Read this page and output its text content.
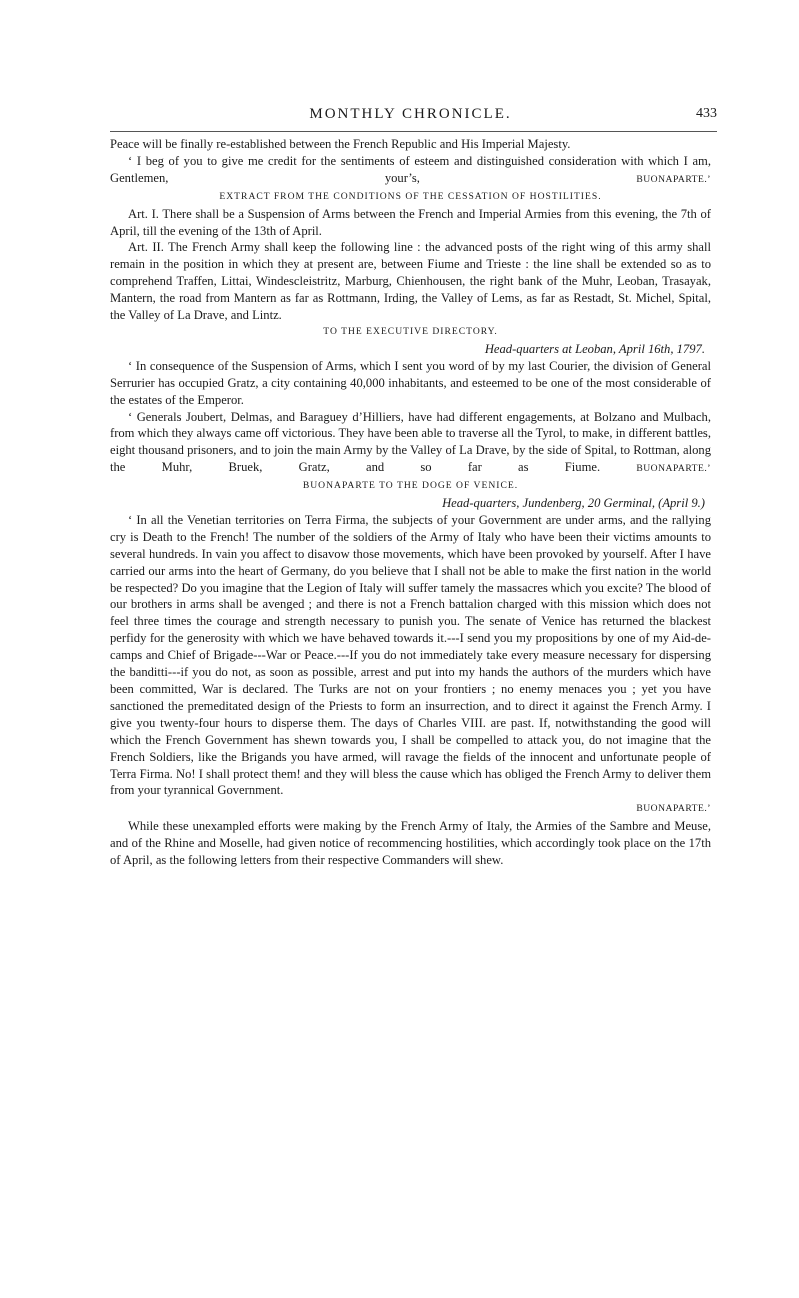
MONTHLY CHRONICLE.	433

Peace will be finally re-established between the French Republic and His Imperial Majesty.

‘ I beg of you to give me credit for the sentiments of esteem and distinguished consideration with which I am, Gentlemen, your’s,	BUONAPARTE.’

EXTRACT FROM THE CONDITIONS OF THE CESSATION OF HOSTILITIES.

Art. I. There shall be a Suspension of Arms between the French and Imperial Armies from this evening, the 7th of April, till the evening of the 13th of April.

Art. II. The French Army shall keep the following line : the advanced posts of the right wing of this army shall remain in the position in which they at present are, between Fiume and Trieste : the line shall be extended so as to comprehend Traffen, Littai, Windescleistritz, Marburg, Chienhousen, the right bank of the Muhr, Leoban, Trasayak, Mantern, the road from Mantern as far as Rottmann, Irding, the Valley of Lems, as far as Restadt, St. Michel, Spital, the Valley of La Drave, and Lintz.

TO THE EXECUTIVE DIRECTORY.

Head-quarters at Leoban, April 16th, 1797.

‘ In consequence of the Suspension of Arms, which I sent you word of by my last Courier, the division of General Serrurier has occupied Gratz, a city containing 40,000 inhabitants, and esteemed to be one of the most considerable of the estates of the Emperor.

‘ Generals Joubert, Delmas, and Baraguey d’Hilliers, have had different engagements, at Bolzano and Mulbach, from which they always came off victorious. They have been able to traverse all the Tyrol, to make, in different battles, eight thousand prisoners, and to join the main Army by the Valley of La Drave, by the side of Spital, to Rottman, along the Muhr, Bruek, Gratz, and so far as Fiume.	BUONAPARTE.’

BUONAPARTE TO THE DOGE OF VENICE.

Head-quarters, Jundenberg, 20 Germinal, (April 9.)

‘ In all the Venetian territories on Terra Firma, the subjects of your Government are under arms, and the rallying cry is Death to the French! The number of the soldiers of the Army of Italy who have been their victims amounts to several hundreds. In vain you affect to disavow those movements, which have been provoked by yourself. After I have carried our arms into the heart of Germany, do you believe that I shall not be able to make the first nation in the world be respected? Do you imagine that the Legion of Italy will suffer tamely the massacres which you excite? The blood of our brothers in arms shall be avenged ; and there is not a French battalion charged with this mission which does not feel three times the courage and strength necessary to punish you. The senate of Venice has returned the blackest perfidy for the generosity with which we have behaved towards it.---I send you my propositions by one of my Aid-de-camps and Chief of Brigade---War or Peace.---If you do not immediately take every measure necessary for dispersing the banditti---if you do not, as soon as possible, arrest and put into my hands the authors of the murders which have been committed, War is declared. The Turks are not on your frontiers ; no enemy menaces you ; yet you have sanctioned the premeditated design of the Priests to form an insurrection, and to direct it against the French Army. I give you twenty-four hours to disperse them. The days of Charles VIII. are past. If, notwithstanding the good will which the French Government has shewn towards you, I shall be compelled to attack you, do not imagine that the French Soldiers, like the Brigands you have armed, will ravage the fields of the innocent and unfortunate people of Terra Firma. No! I shall protect them! and they will bless the cause which has obliged the French Army to deliver them from your tyrannical Government.

BUONAPARTE.’

While these unexampled efforts were making by the French Army of Italy, the Armies of the Sambre and Meuse, and of the Rhine and Moselle, had given notice of recommencing hostilities, which accordingly took place on the 17th of April, as the following letters from their respective Commanders will shew.
